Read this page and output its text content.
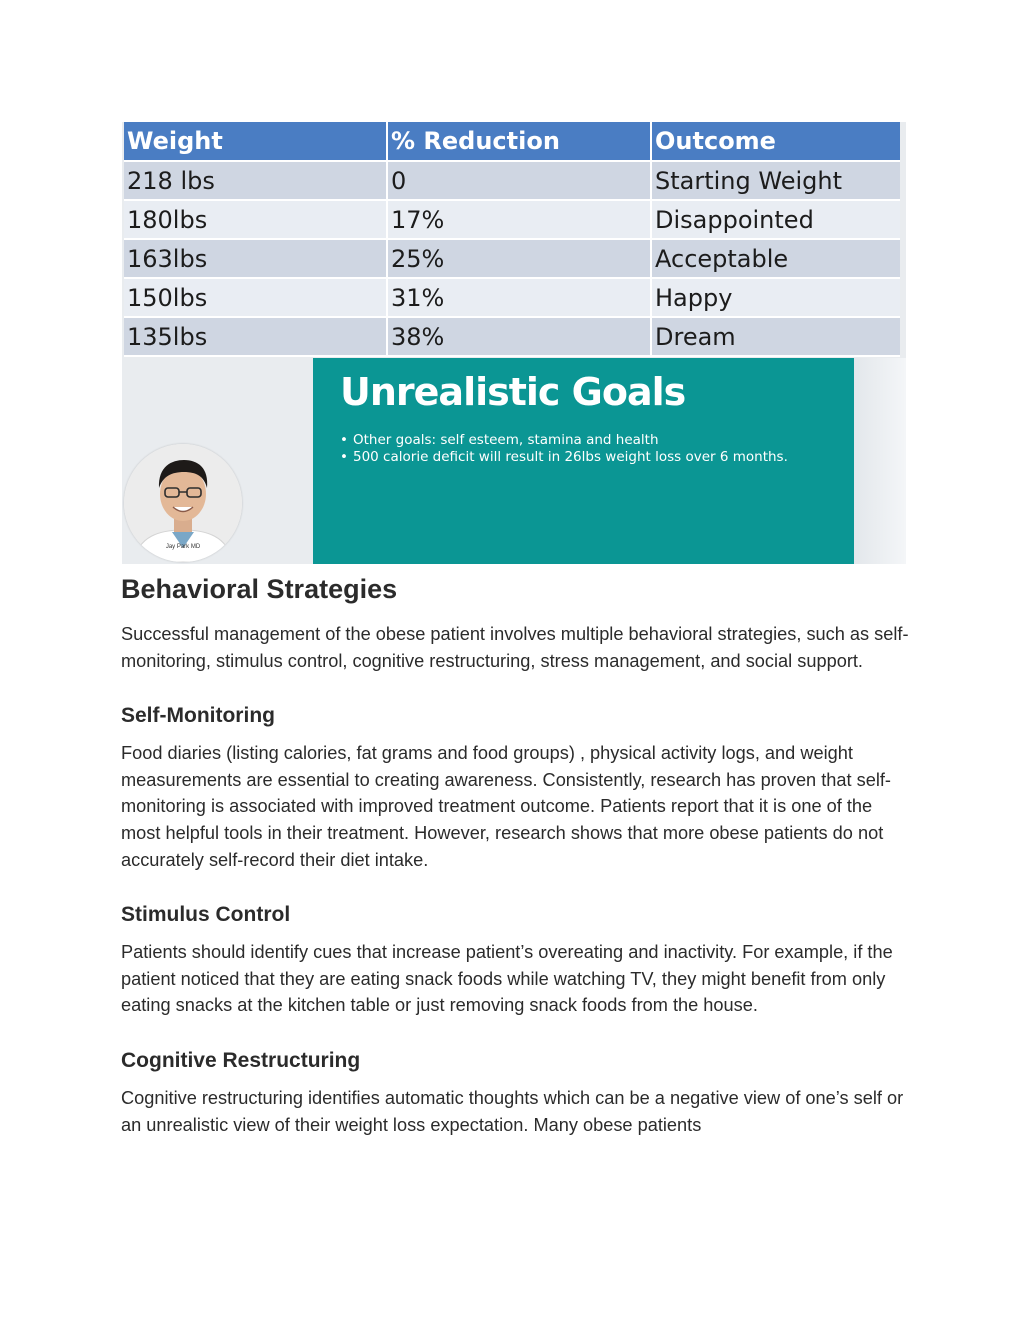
Weight	% Reduction	Outcome
218 lbs	0	Starting Weight
180lbs	17%	Disappointed
163lbs	25%	Acceptable
150lbs	31%	Happy
135lbs	38%	Dream
Unrealistic Goals
• Other goals: self esteem, stamina and health
• 500 calorie deficit will result in 26lbs weight loss over 6 months.
Jay Park MD
Behavioral Strategies

Successful management of the obese patient involves multiple behavioral strategies, such as self-monitoring, stimulus control, cognitive restructuring, stress management, and social support.

Self-Monitoring

Food diaries (listing calories, fat grams and food groups) , physical activity logs, and weight measurements are essential to creating awareness. Consistently, research has proven that self-monitoring is associated with improved treatment outcome. Patients report that it is one of the most helpful tools in their treatment. However, research shows that more obese patients do not accurately self-record their diet intake.

Stimulus Control

Patients should identify cues that increase patient’s overeating and inactivity. For example, if the patient noticed that they are eating snack foods while watching TV, they might benefit from only eating snacks at the kitchen table or just removing snack foods from the house.

Cognitive Restructuring

Cognitive restructuring identifies automatic thoughts which can be a negative view of one’s self or an unrealistic view of their weight loss expectation. Many obese patients
